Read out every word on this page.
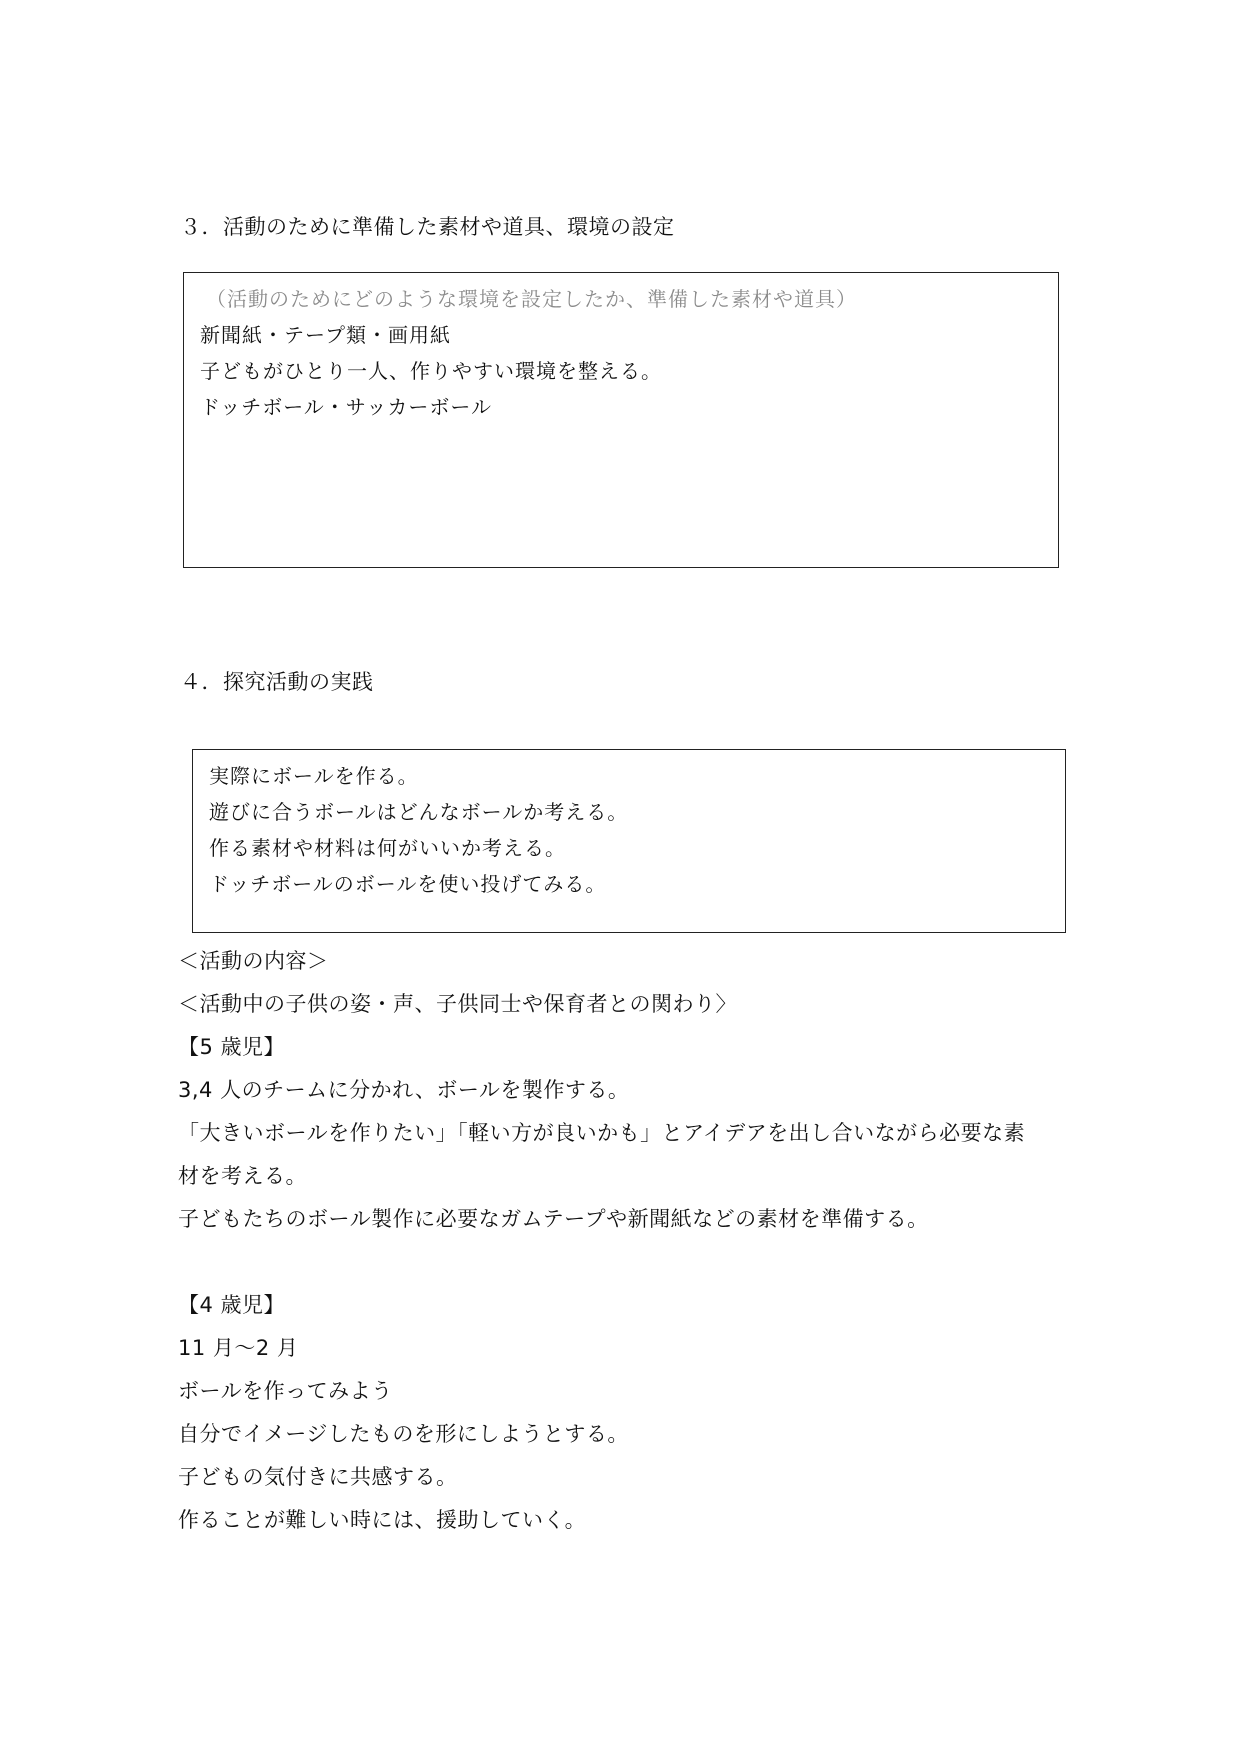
３．活動のために準備した素材や道具、環境の設定
（活動のためにどのような環境を設定したか、準備した素材や道具）
新聞紙・テープ類・画用紙
子どもがひとり一人、作りやすい環境を整える。
ドッチボール・サッカーボール
４．探究活動の実践
実際にボールを作る。
遊びに合うボールはどんなボールか考える。
作る素材や材料は何がいいか考える。
ドッチボールのボールを使い投げてみる。
＜活動の内容＞
＜活動中の子供の姿・声、子供同士や保育者との関わり〉
【5 歳児】
3,4 人のチームに分かれ、ボールを製作する。
「大きいボールを作りたい」「軽い方が良いかも」とアイデアを出し合いながら必要な素
材を考える。
子どもたちのボール製作に必要なガムテープや新聞紙などの素材を準備する。
【4 歳児】
11 月～2 月
ボールを作ってみよう
自分でイメージしたものを形にしようとする。
子どもの気付きに共感する。
作ることが難しい時には、援助していく。
